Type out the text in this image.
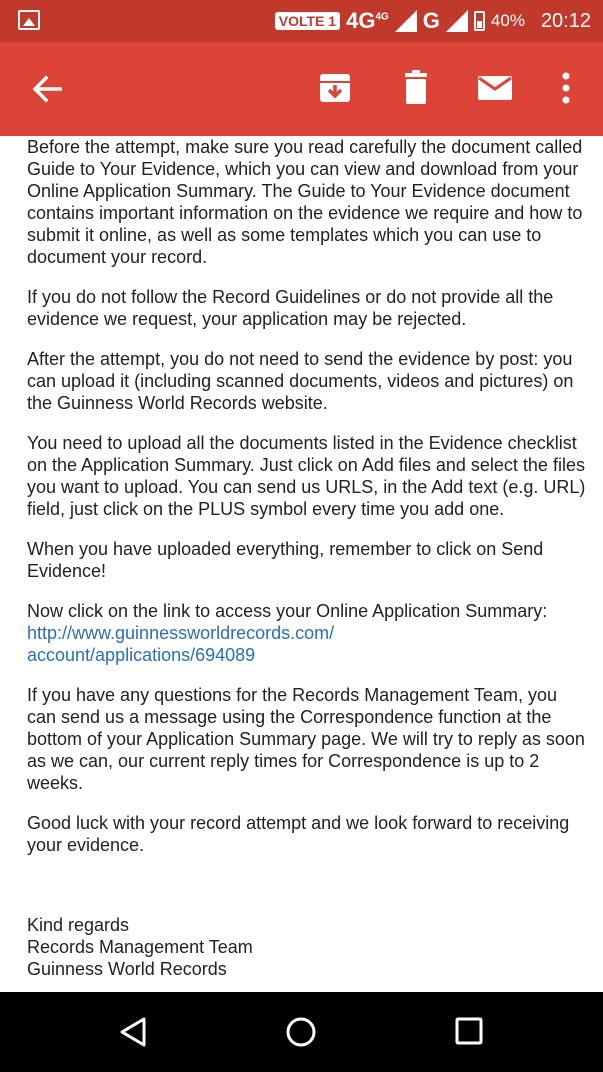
VOLTE 1 $4G^{4G}$ G	40% 20:12

Before the attempt, make sure you read carefully the document called Guide to Your Evidence, which you can view and download from your Online Application Summary. The Guide to Your Evidence document contains important information on the evidence we require and how to submit it online, as well as some templates which you can use to document your record.

If you do not follow the Record Guidelines or do not provide all the evidence we request, your application may be rejected.

After the attempt, you do not need to send the evidence by post: you can upload it (including scanned documents, videos and pictures) on the Guinness World Records website.

You need to upload all the documents listed in the Evidence checklist on the Application Summary. Just click on Add files and select the files you want to upload. You can send us URLS, in the Add text (e.g. URL) field, just click on the PLUS symbol every time you add one.

When you have uploaded everything, remember to click on Send Evidence!

Now click on the link to access your Online Application Summary:
http://www.guinnessworldrecords.com/
account/applications/694089

If you have any questions for the Records Management Team, you can send us a message using the Correspondence function at the bottom of your Application Summary page. We will try to reply as soon as we can, our current reply times for Correspondence is up to 2 weeks.

Good luck with your record attempt and we look forward to receiving your evidence.

Kind regards
Records Management Team
Guinness World Records
